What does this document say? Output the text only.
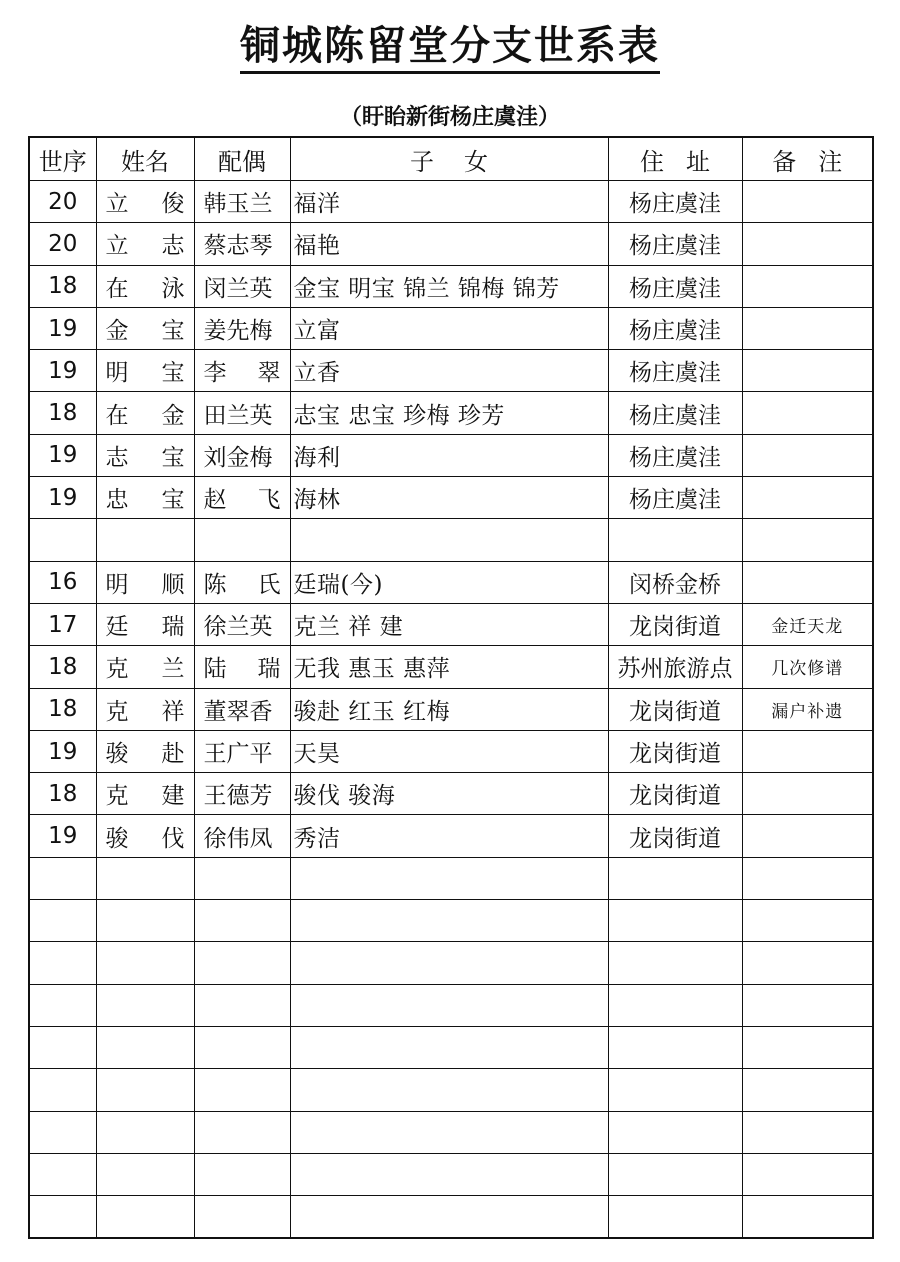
铜城陈留堂分支世系表
（盱眙新街杨庄虞洼）
世序	姓名	配偶	子女	住址	备注
20	立俊	韩玉兰	福洋	杨庄虞洼	
20	立志	蔡志琴	福艳	杨庄虞洼	
18	在泳	闵兰英	金宝 明宝 锦兰 锦梅 锦芳	杨庄虞洼	
19	金宝	姜先梅	立富	杨庄虞洼	
19	明宝	李翠	立香	杨庄虞洼	
18	在金	田兰英	志宝 忠宝 珍梅 珍芳	杨庄虞洼	
19	志宝	刘金梅	海利	杨庄虞洼	
19	忠宝	赵飞	海林	杨庄虞洼	

16	明顺	陈氏	廷瑞(今)	闵桥金桥	
17	廷瑞	徐兰英	克兰 祥 建	龙岗街道	金迁天龙
18	克兰	陆瑞	无我 惠玉 惠萍	苏州旅游点	几次修谱
18	克祥	董翠香	骏赴 红玉 红梅	龙岗街道	漏户补遗
19	骏赴	王广平	天昊	龙岗街道	
18	克建	王德芳	骏伐 骏海	龙岗街道	
19	骏伐	徐伟凤	秀洁	龙岗街道	
